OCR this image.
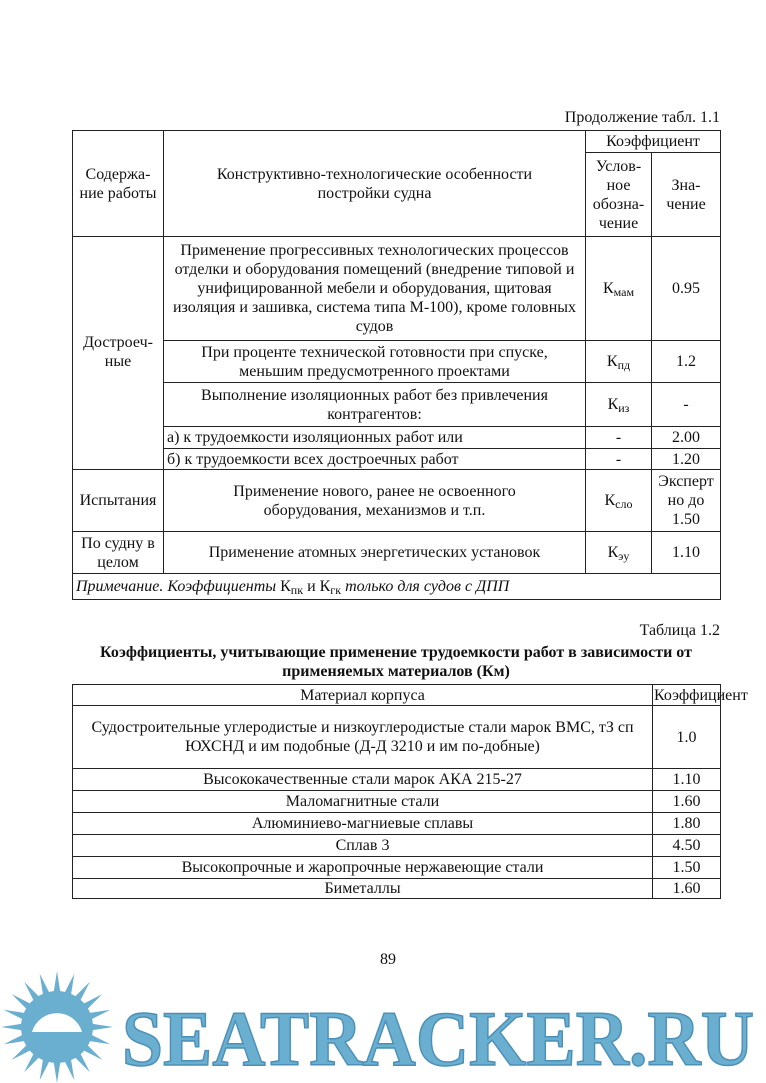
Продолжение табл. 1.1
Содержа-ние работы	Конструктивно-технологические особенности постройки судна	Коэффициент	
		Услов-ное обозна-чение	Зна-чение
Достроеч-ные	Применение прогрессивных технологических процессов отделки и оборудования помещений (внедрение типовой и унифицированной мебели и оборудования, щитовая изоляция и зашивка, система типа М-100), кроме головных судов	$К_{мам}$	0.95
	При проценте технической готовности при спуске, меньшим предусмотренного проектами	$К_{пд}$	1.2
	Выполнение изоляционных работ без привлечения контрагентов:	$К_{из}$	-
	а) к трудоемкости изоляционных работ или	-	2.00
	б) к трудоемкости всех достроечных работ	-	1.20
Испытания	Применение нового, ранее не освоенного оборудования, механизмов и т.п.	$К_{сло}$	Эксперт но до 1.50
По судну в целом	Применение атомных энергетических установок	$К_{эу}$	1.10
Примечание. Коэффициенты $К_{пк}$ и $К_{гк}$ только для судов с ДПП			
Таблица 1.2
Коэффициенты, учитывающие применение трудоемкости работ в зависимости от применяемых материалов (Км)
Материал корпуса	Коэффициент
Судостроительные углеродистые и низкоуглеродистые стали марок ВМС, тЗ сп ЮХСНД и им подобные (Д-Д 3210 и им по-добные)	1.0
Высококачественные стали марок АКА 215-27	1.10
Маломагнитные стали	1.60
Алюминиево-магниевые сплавы	1.80
Сплав 3	4.50
Высокопрочные и жаропрочные нержавеющие стали	1.50
Биметаллы	1.60
SEATRACKER.RU
89
